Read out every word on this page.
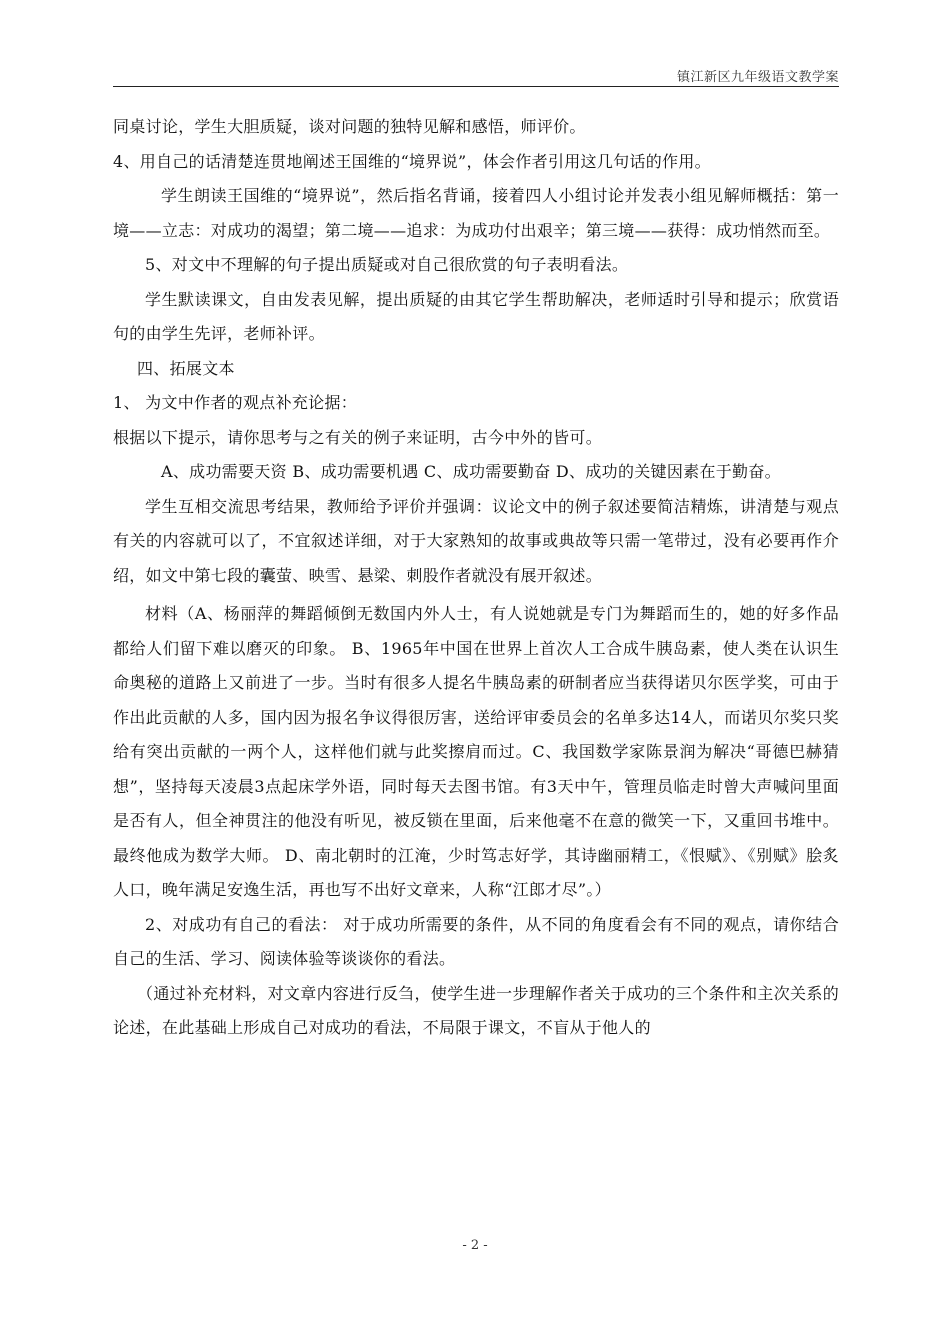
镇江新区九年级语文教学案

同桌讨论，学生大胆质疑，谈对问题的独特见解和感悟，师评价。

4、用自己的话清楚连贯地阐述王国维的“境界说”，体会作者引用这几句话的作用。

学生朗读王国维的“境界说”，然后指名背诵，接着四人小组讨论并发表小组见解师概括：第一境——立志：对成功的渴望；第二境——追求：为成功付出艰辛；第三境——获得：成功悄然而至。

5、对文中不理解的句子提出质疑或对自己很欣赏的句子表明看法。

学生默读课文，自由发表见解，提出质疑的由其它学生帮助解决，老师适时引导和提示；欣赏语句的由学生先评，老师补评。

四、拓展文本

1、 为文中作者的观点补充论据：

根据以下提示，请你思考与之有关的例子来证明，古今中外的皆可。

A、成功需要天资 B、成功需要机遇 C、成功需要勤奋 D、成功的关键因素在于勤奋。

学生互相交流思考结果，教师给予评价并强调：议论文中的例子叙述要简洁精炼，讲清楚与观点有关的内容就可以了，不宜叙述详细，对于大家熟知的故事或典故等只需一笔带过，没有必要再作介绍，如文中第七段的囊萤、映雪、悬梁、刺股作者就没有展开叙述。

材料（A、杨丽萍的舞蹈倾倒无数国内外人士，有人说她就是专门为舞蹈而生的，她的好多作品都给人们留下难以磨灭的印象。 B、1965年中国在世界上首次人工合成牛胰岛素，使人类在认识生命奥秘的道路上又前进了一步。当时有很多人提名牛胰岛素的研制者应当获得诺贝尔医学奖，可由于作出此贡献的人多，国内因为报名争议得很厉害，送给评审委员会的名单多达14人，而诺贝尔奖只奖给有突出贡献的一两个人，这样他们就与此奖擦肩而过。C、我国数学家陈景润为解决“哥德巴赫猜想”，坚持每天凌晨3点起床学外语，同时每天去图书馆。有3天中午，管理员临走时曾大声喊问里面是否有人，但全神贯注的他没有听见，被反锁在里面，后来他毫不在意的微笑一下，又重回书堆中。最终他成为数学大师。 D、南北朝时的江淹，少时笃志好学，其诗幽丽精工，《恨赋》、《别赋》脍炙人口，晚年满足安逸生活，再也写不出好文章来，人称“江郎才尽”。）

2、对成功有自己的看法： 对于成功所需要的条件，从不同的角度看会有不同的观点，请你结合自己的生活、学习、阅读体验等谈谈你的看法。

（通过补充材料，对文章内容进行反刍，使学生进一步理解作者关于成功的三个条件和主次关系的论述，在此基础上形成自己对成功的看法，不局限于课文，不盲从于他人的

- 2 -
